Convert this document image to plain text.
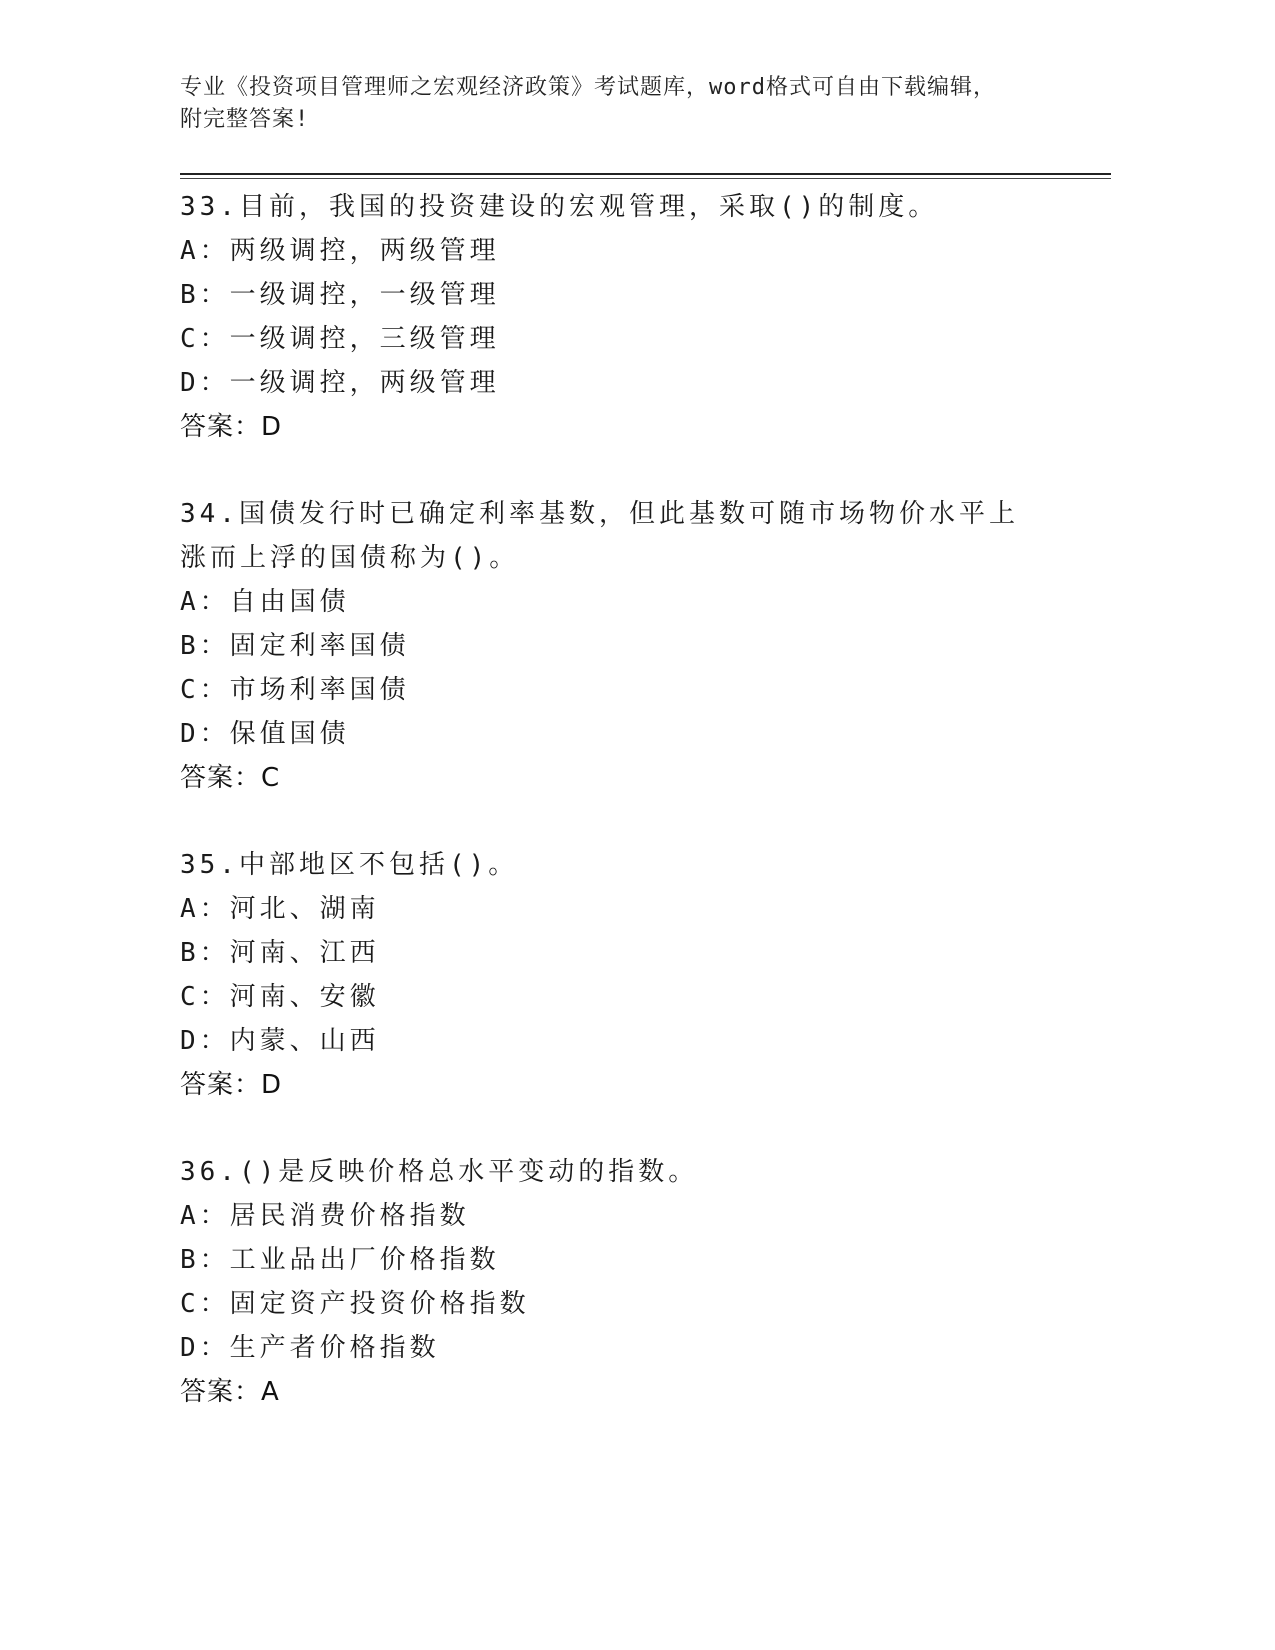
专业《投资项目管理师之宏观经济政策》考试题库，word格式可自由下载编辑，
附完整答案!

33.目前，我国的投资建设的宏观管理，采取()的制度。

A：两级调控，两级管理

B：一级调控，一级管理

C：一级调控，三级管理

D：一级调控，两级管理

答案：D

34.国债发行时已确定利率基数，但此基数可随市场物价水平上涨而上浮的国债称为()。

A：自由国债

B：固定利率国债

C：市场利率国债

D：保值国债

答案：C

35.中部地区不包括()。

A：河北、湖南

B：河南、江西

C：河南、安徽

D：内蒙、山西

答案：D

36.()是反映价格总水平变动的指数。

A：居民消费价格指数

B：工业品出厂价格指数

C：固定资产投资价格指数

D：生产者价格指数

答案：A
